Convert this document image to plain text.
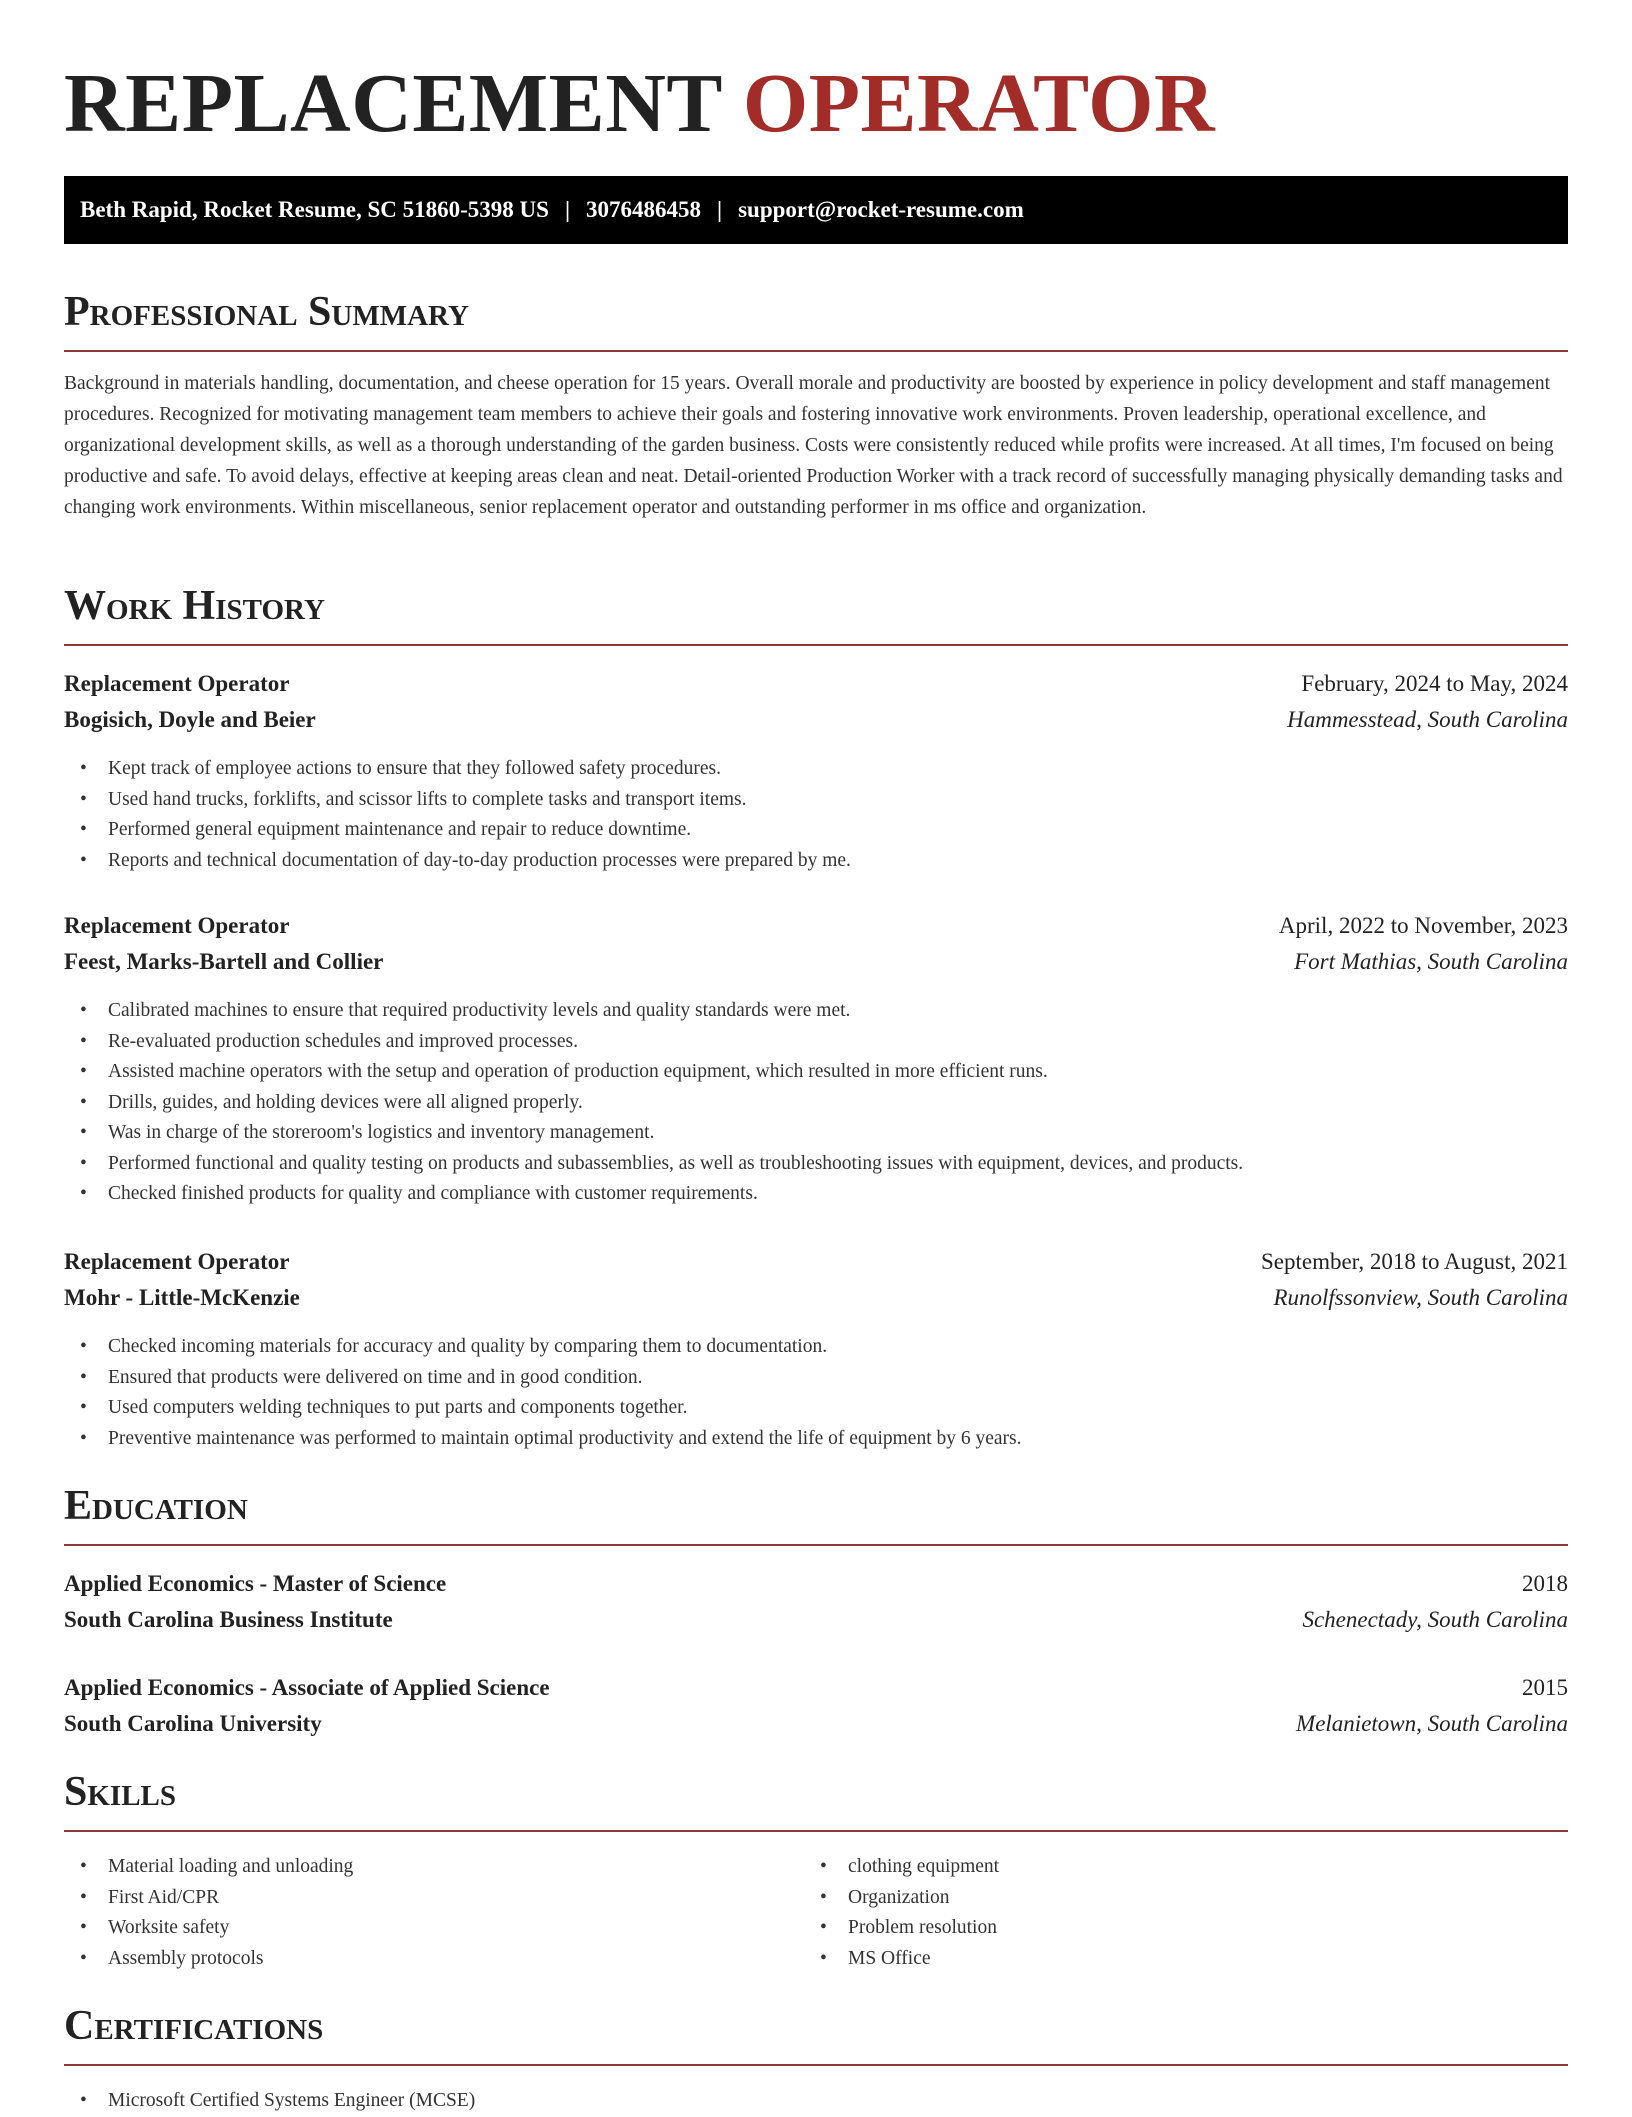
REPLACEMENT OPERATOR
Beth Rapid, Rocket Resume, SC 51860-5398 US | 3076486458 | support@rocket-resume.com
Professional Summary
Background in materials handling, documentation, and cheese operation for 15 years. Overall morale and productivity are boosted by experience in policy development and staff management procedures. Recognized for motivating management team members to achieve their goals and fostering innovative work environments. Proven leadership, operational excellence, and organizational development skills, as well as a thorough understanding of the garden business. Costs were consistently reduced while profits were increased. At all times, I'm focused on being productive and safe. To avoid delays, effective at keeping areas clean and neat. Detail-oriented Production Worker with a track record of successfully managing physically demanding tasks and changing work environments. Within miscellaneous, senior replacement operator and outstanding performer in ms office and organization.
Work History
Replacement Operator	February, 2024 to May, 2024
Bogisich, Doyle and Beier	Hammesstead, South Carolina
• Kept track of employee actions to ensure that they followed safety procedures.
• Used hand trucks, forklifts, and scissor lifts to complete tasks and transport items.
• Performed general equipment maintenance and repair to reduce downtime.
• Reports and technical documentation of day-to-day production processes were prepared by me.
Replacement Operator	April, 2022 to November, 2023
Feest, Marks-Bartell and Collier	Fort Mathias, South Carolina
• Calibrated machines to ensure that required productivity levels and quality standards were met.
• Re-evaluated production schedules and improved processes.
• Assisted machine operators with the setup and operation of production equipment, which resulted in more efficient runs.
• Drills, guides, and holding devices were all aligned properly.
• Was in charge of the storeroom's logistics and inventory management.
• Performed functional and quality testing on products and subassemblies, as well as troubleshooting issues with equipment, devices, and products.
• Checked finished products for quality and compliance with customer requirements.
Replacement Operator	September, 2018 to August, 2021
Mohr - Little-McKenzie	Runolfssonview, South Carolina
• Checked incoming materials for accuracy and quality by comparing them to documentation.
• Ensured that products were delivered on time and in good condition.
• Used computers welding techniques to put parts and components together.
• Preventive maintenance was performed to maintain optimal productivity and extend the life of equipment by 6 years.
Education
Applied Economics - Master of Science	2018
South Carolina Business Institute	Schenectady, South Carolina
Applied Economics - Associate of Applied Science	2015
South Carolina University	Melanietown, South Carolina
Skills
• Material loading and unloading
• First Aid/CPR
• Worksite safety
• Assembly protocols
• clothing equipment
• Organization
• Problem resolution
• MS Office
Certifications
• Microsoft Certified Systems Engineer (MCSE)
